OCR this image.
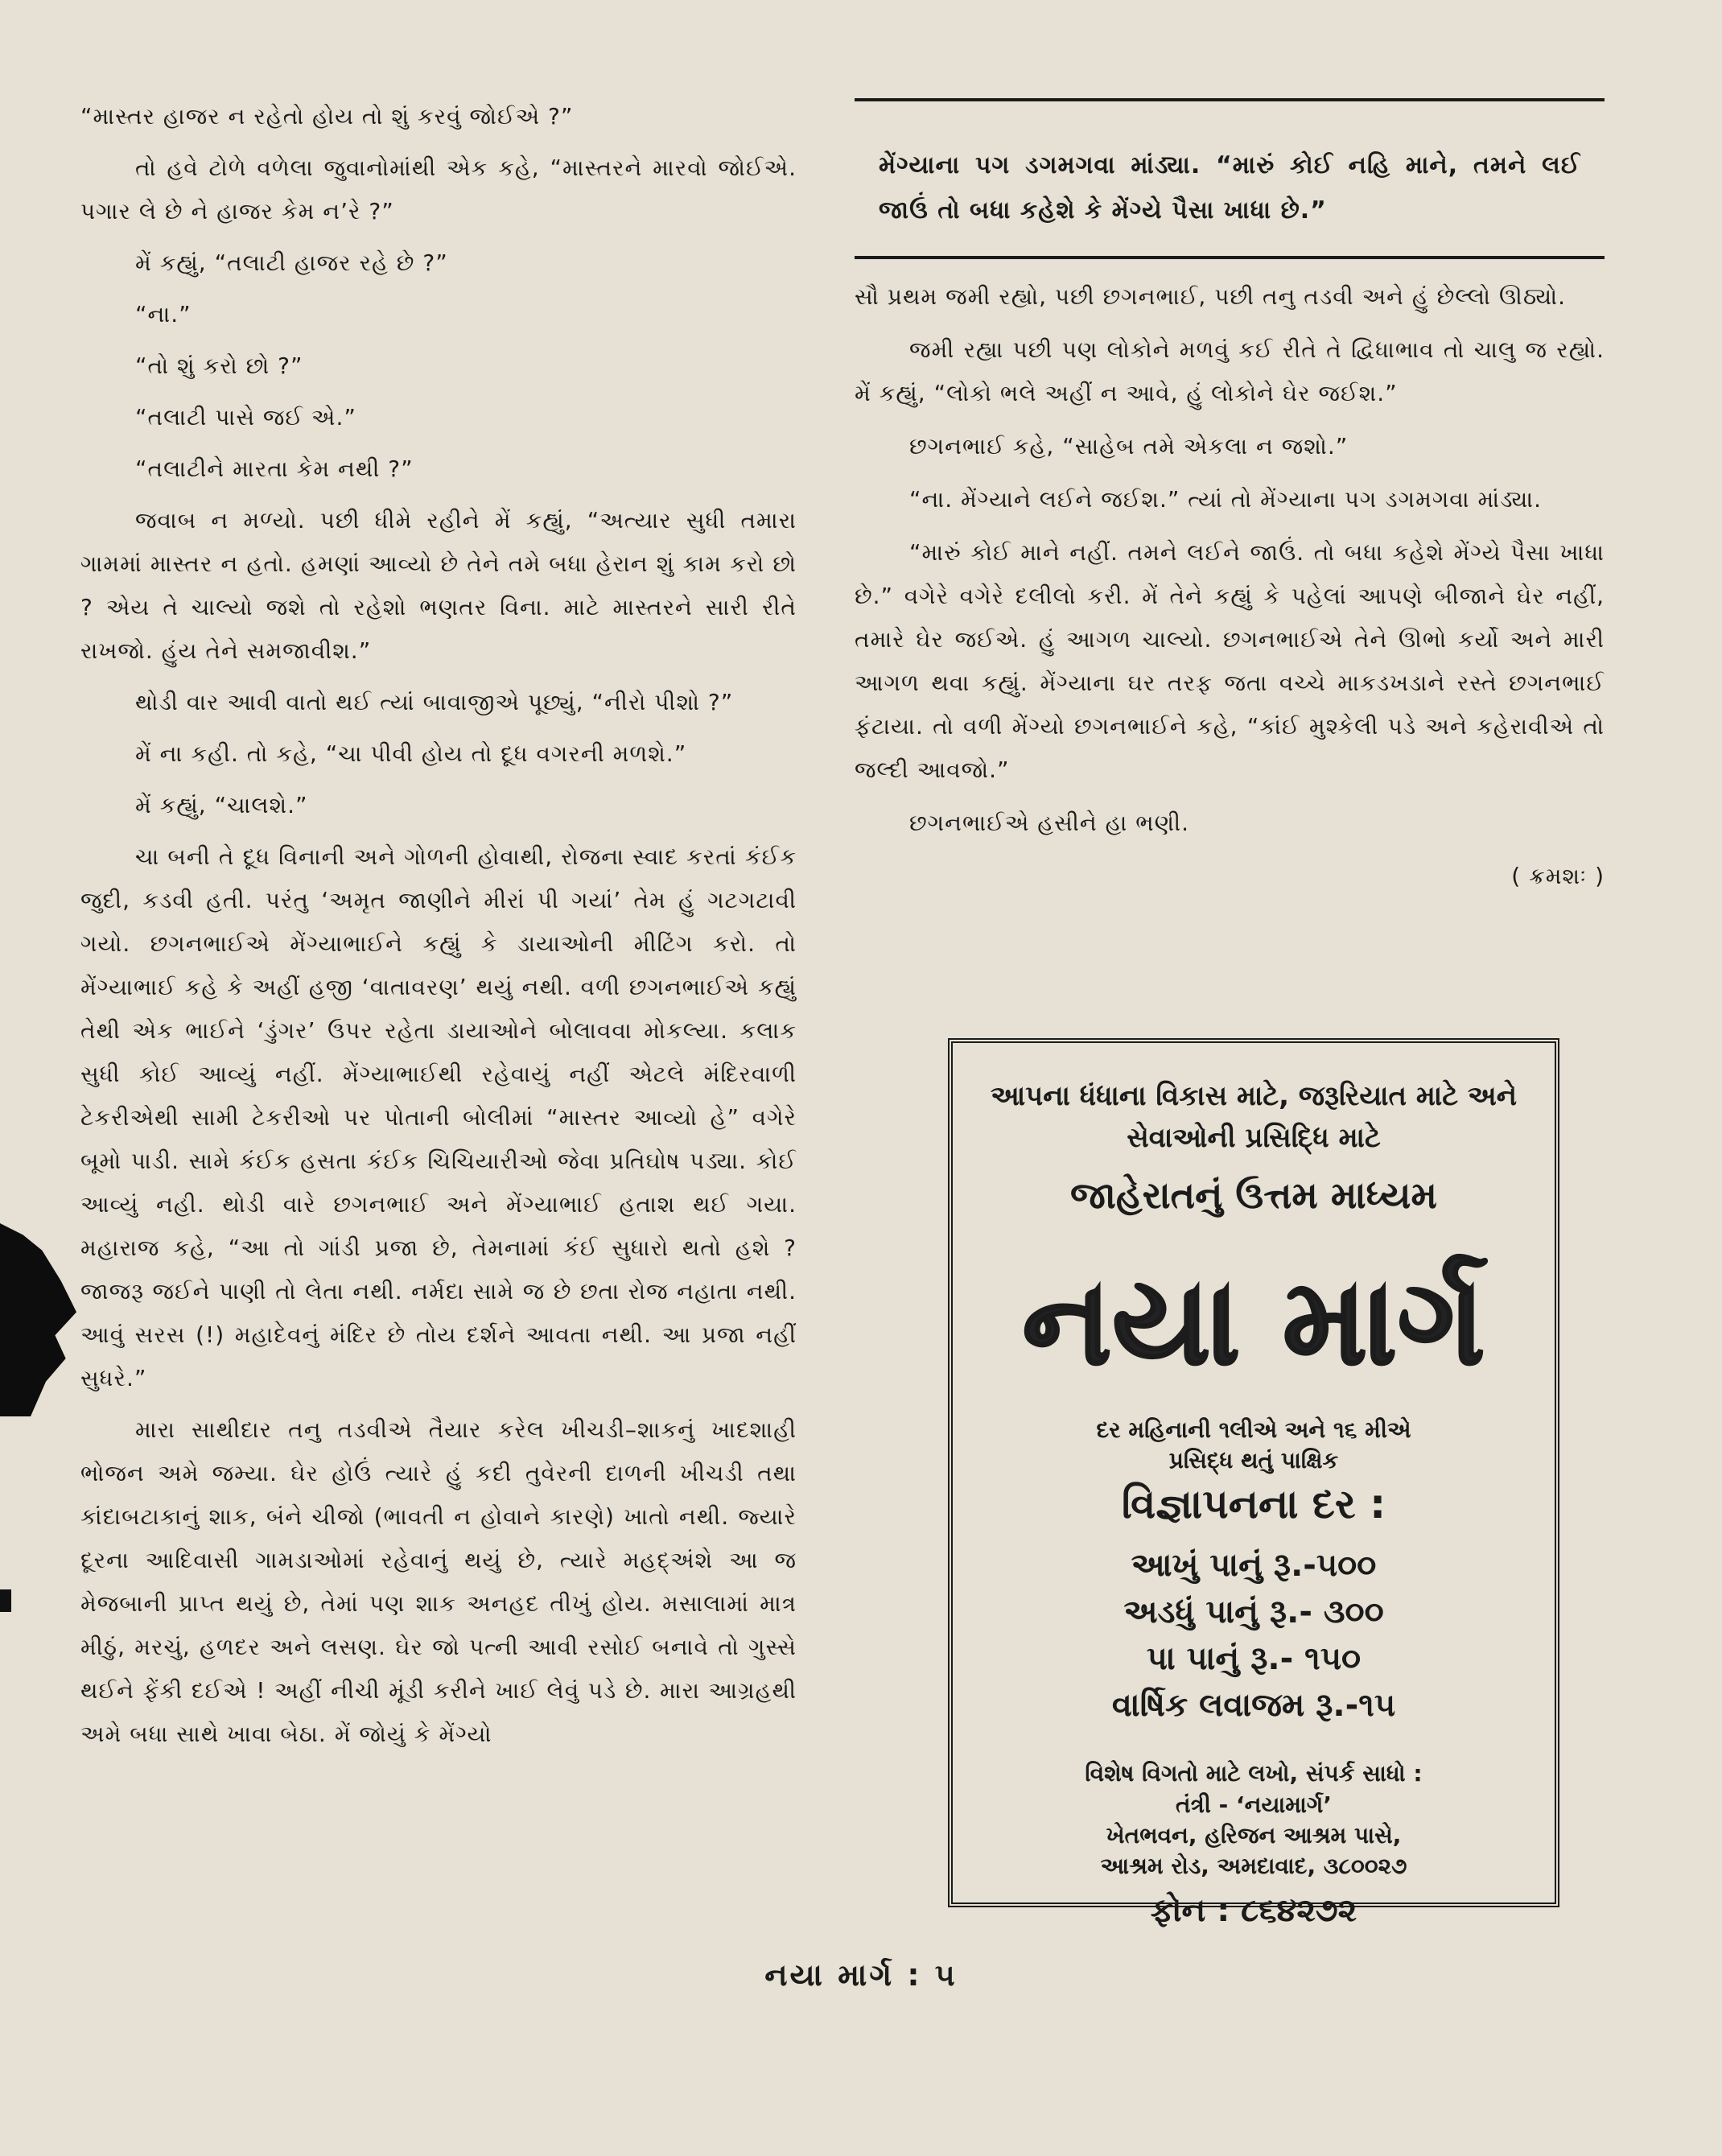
“માસ્તર હાજર ન રહેતો હોય તો શું કરવું જોઈએ ?”

તો હવે ટોળે વળેલા જુવાનોમાંથી એક કહે, “માસ્તરને મારવો જોઈએ. પગાર લે છે ને હાજર કેમ ન’રે ?”

મેં કહ્યું, “તલાટી હાજર રહે છે ?”

“ના.”

“તો શું કરો છો ?”

“તલાટી પાસે જઈ એ.”

“તલાટીને મારતા કેમ નથી ?”

જવાબ ન મળ્યો. પછી ધીમે રહીને મેં કહ્યું, “અત્યાર સુધી તમારા ગામમાં માસ્તર ન હતો. હમણાં આવ્યો છે તેને તમે બધા હેરાન શું કામ કરો છો ? એય તે ચાલ્યો જશે તો રહેશો ભણતર વિના. માટે માસ્તરને સારી રીતે રાખજો. હુંય તેને સમજાવીશ.”

થોડી વાર આવી વાતો થઈ ત્યાં બાવાજીએ પૂછ્યું, “નીરો પીશો ?”

મેં ના કહી. તો કહે, “ચા પીવી હોય તો દૂધ વગરની મળશે.”

મેં કહ્યું, “ચાલશે.”

ચા બની તે દૂધ વિનાની અને ગોળની હોવાથી, રોજના સ્વાદ કરતાં કંઈક જુદી, કડવી હતી. પરંતુ ‘અમૃત જાણીને મીરાં પી ગયાં’ તેમ હું ગટગટાવી ગયો. છગનભાઈએ મેંગ્યાભાઈને કહ્યું કે ડાયાઓની મીટિંગ કરો. તો મેંગ્યાભાઈ કહે કે અહીં હજી ‘વાતાવરણ’ થયું નથી. વળી છગનભાઈએ કહ્યું તેથી એક ભાઈને ‘ડુંગર’ ઉપર રહેતા ડાયાઓને બોલાવવા મોકલ્યા. કલાક સુધી કોઈ આવ્યું નહીં. મેંગ્યાભાઈથી રહેવાયું નહીં એટલે મંદિરવાળી ટેકરીએથી સામી ટેકરીઓ પર પોતાની બોલીમાં “માસ્તર આવ્યો હે” વગેરે બૂમો પાડી. સામે કંઈક હસતા કંઈક ચિચિયારીઓ જેવા પ્રતિઘોષ પડ્યા. કોઈ આવ્યું નહી. થોડી વારે છગનભાઈ અને મેંગ્યાભાઈ હતાશ થઈ ગયા. મહારાજ કહે, “આ તો ગાંડી પ્રજા છે, તેમનામાં કંઈ સુધારો થતો હશે ? જાજરૂ જઈને પાણી તો લેતા નથી. નર્મદા સામે જ છે છતા રોજ નહાતા નથી. આવું સરસ (!) મહાદેવનું મંદિર છે તોય દર્શને આવતા નથી. આ પ્રજા નહીં સુધરે.”

મારા સાથીદાર તનુ તડવીએ તૈયાર કરેલ ખીચડી–શાકનું ખાદશાહી ભોજન અમે જમ્યા. ઘેર હોઉં ત્યારે હું કદી તુવેરની દાળની ખીચડી તથા કાંદાબટાકાનું શાક, બંને ચીજો (ભાવતી ન હોવાને કારણે) ખાતો નથી. જ્યારે દૂરના આદિવાસી ગામડાઓમાં રહેવાનું થયું છે, ત્યારે મહદ્‌અંશે આ જ મેજબાની પ્રાપ્ત થયું છે, તેમાં પણ શાક અનહદ તીખું હોય. મસાલામાં માત્ર મીઠું, મરચું, હળદર અને લસણ. ઘેર જો પત્ની આવી રસોઈ બનાવે તો ગુસ્સે થઈને ફેંકી દઈએ ! અહીં નીચી મૂંડી કરીને ખાઈ લેવું પડે છે. મારા આગ્રહથી અમે બધા સાથે ખાવા બેઠા. મેં જોયું કે મેંગ્યો

મેંગ્યાના પગ ડગમગવા માંડ્યા. “મારું કોઈ નહિ માને, તમને લઈ જાઉં તો બધા કહેશે કે મેંગ્યે પૈસા ખાધા છે.”

સૌ પ્રથમ જમી રહ્યો, પછી છગનભાઈ, પછી તનુ તડવી અને હું છેલ્લો ઊઠ્યો.

જમી રહ્યા પછી પણ લોકોને મળવું કઈ રીતે તે દ્વિધાભાવ તો ચાલુ જ રહ્યો. મેં કહ્યું, “લોકો ભલે અહીં ન આવે, હું લોકોને ઘેર જઈશ.”

છગનભાઈ કહે, “સાહેબ તમે એકલા ન જશો.”

“ના. મેંગ્યાને લઈને જઈશ.” ત્યાં તો મેંગ્યાના પગ ડગમગવા માંડ્યા.

“મારું કોઈ માને નહીં. તમને લઈને જાઉં. તો બધા કહેશે મેંગ્યે પૈસા ખાધા છે.” વગેરે વગેરે દલીલો કરી. મેં તેને કહ્યું કે પહેલાં આપણે બીજાને ઘેર નહીં, તમારે ઘેર જઈએ. હું આગળ ચાલ્યો. છગનભાઈએ તેને ઊભો કર્યો અને મારી આગળ થવા કહ્યું. મેંગ્યાના ઘર તરફ જતા વચ્ચે માકડખડાને રસ્તે છગનભાઈ ફંટાયા. તો વળી મેંગ્યો છગનભાઈને કહે, “કાંઈ મુશ્કેલી પડે અને કહેરાવીએ તો જલ્દી આવજો.”

છગનભાઈએ હસીને હા ભણી.

( ક્રમશઃ )

આપના ધંધાના વિકાસ માટે, જરૂરિયાત માટે અને
સેવાઓની પ્રસિદ્ધિ માટે
જાહેરાતનું ઉત્તમ માધ્યમ
નયા માર્ગ
દર મહિનાની ૧લીએ અને ૧૬ મીએ
પ્રસિદ્ધ થતું પાક્ષિક
વિજ્ઞાપનના દર :
આખું પાનું રૂ.-૫૦૦
અડધું પાનું રૂ.- ૩૦૦
પા પાનું રૂ.- ૧૫૦
વાર્ષિક લવાજમ રૂ.-૧૫
વિશેષ વિગતો માટે લખો, સંપર્ક સાધો :
તંત્રી - ‘નયામાર્ગ’
ખેતભવન, હરિજન આશ્રમ પાસે,
આશ્રમ રોડ, અમદાવાદ, ૩૮૦૦૨૭
ફોન : ૮૬૪૨૭૨
નયા માર્ગ : ૫
